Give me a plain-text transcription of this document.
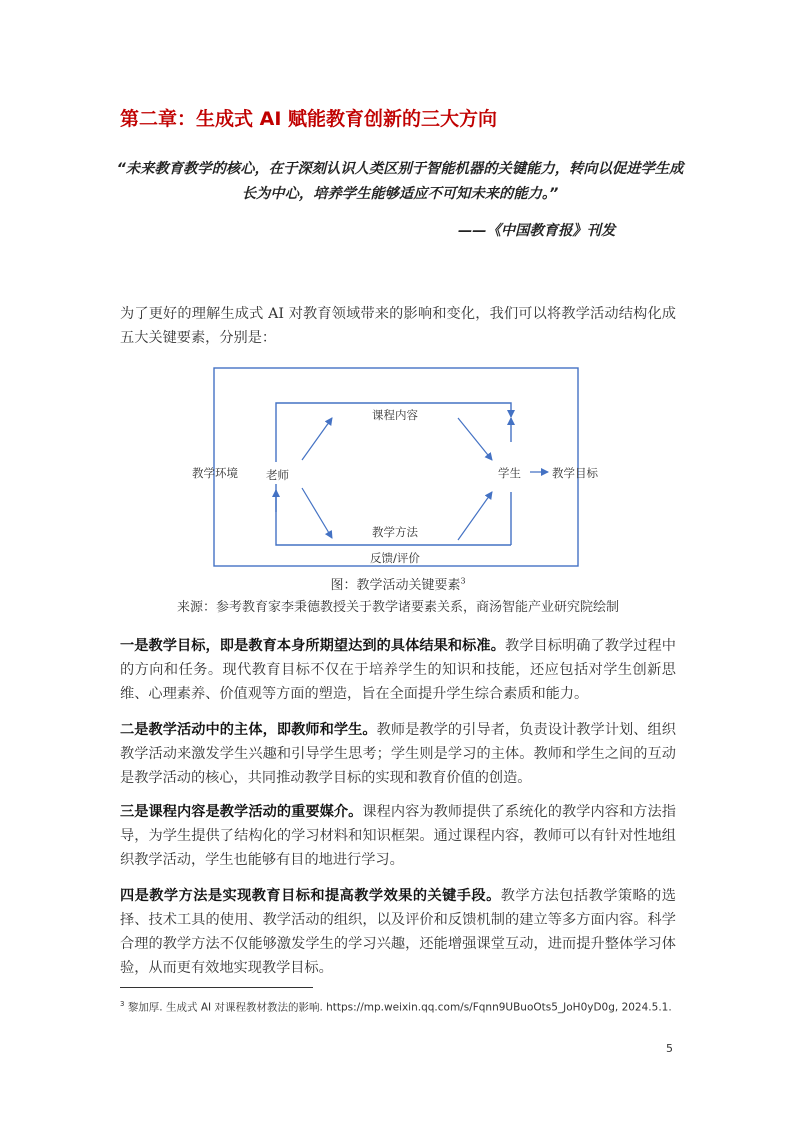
第二章：生成式 AI 赋能教育创新的三大方向
“未来教育教学的核心，在于深刻认识人类区别于智能机器的关键能力，转向以促进学生成长为中心，培养学生能够适应不可知未来的能力。”
——《中国教育报》刊发
为了更好的理解生成式 AI 对教育领域带来的影响和变化，我们可以将教学活动结构化成五大关键要素，分别是：
教学环境 老师
课程内容
教学方法
学生	教学目标
反馈/评价
图：教学活动关键要素$^3$
来源：参考教育家李秉德教授关于教学诸要素关系，商汤智能产业研究院绘制
一是教学目标，即是教育本身所期望达到的具体结果和标准。教学目标明确了教学过程中的方向和任务。现代教育目标不仅在于培养学生的知识和技能，还应包括对学生创新思维、心理素养、价值观等方面的塑造，旨在全面提升学生综合素质和能力。
二是教学活动中的主体，即教师和学生。教师是教学的引导者，负责设计教学计划、组织教学活动来激发学生兴趣和引导学生思考；学生则是学习的主体。教师和学生之间的互动是教学活动的核心，共同推动教学目标的实现和教育价值的创造。
三是课程内容是教学活动的重要媒介。课程内容为教师提供了系统化的教学内容和方法指导，为学生提供了结构化的学习材料和知识框架。通过课程内容，教师可以有针对性地组织教学活动，学生也能够有目的地进行学习。
四是教学方法是实现教育目标和提高教学效果的关键手段。教学方法包括教学策略的选择、技术工具的使用、教学活动的组织，以及评价和反馈机制的建立等多方面内容。科学合理的教学方法不仅能够激发学生的学习兴趣，还能增强课堂互动，进而提升整体学习体验，从而更有效地实现教学目标。
$^3$ 黎加厚. 生成式 AI 对课程教材教法的影响. https://mp.weixin.qq.com/s/Fqnn9UBuoOts5_JoH0yD0g, 2024.5.1.
5
